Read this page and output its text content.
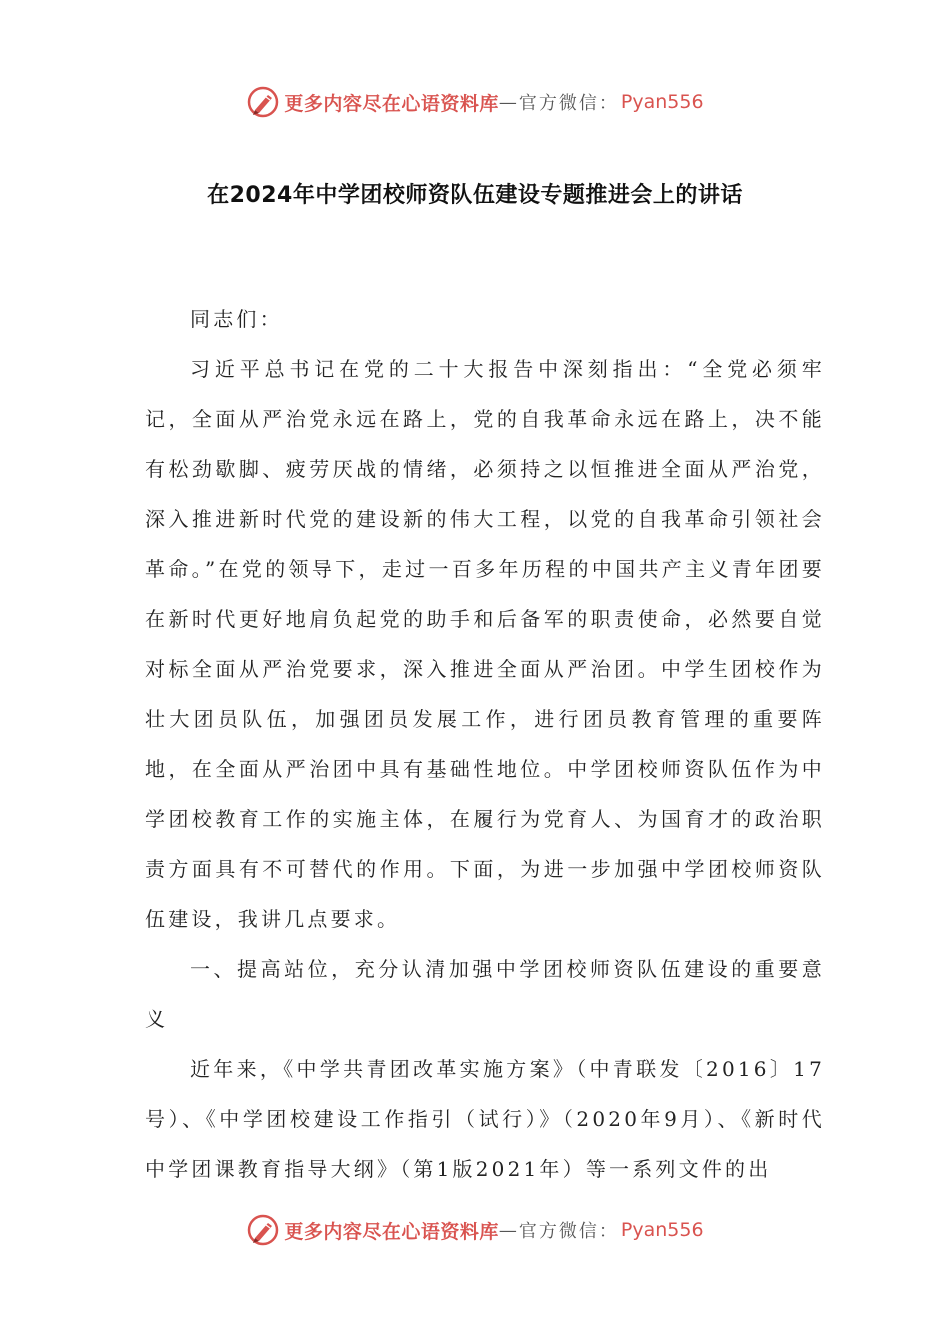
更多内容尽在心语资料库 — 官方微信： Pyan556
在2024年中学团校师资队伍建设专题推进会上的讲话

同志们：

习近平总书记在党的二十大报告中深刻指出：“全党必须牢记，全面从严治党永远在路上，党的自我革命永远在路上，决不能有松劲歇脚、疲劳厌战的情绪，必须持之以恒推进全面从严治党，深入推进新时代党的建设新的伟大工程，以党的自我革命引领社会革命。”在党的领导下，走过一百多年历程的中国共产主义青年团要在新时代更好地肩负起党的助手和后备军的职责使命，必然要自觉对标全面从严治党要求，深入推进全面从严治团。中学生团校作为壮大团员队伍，加强团员发展工作，进行团员教育管理的重要阵地，在全面从严治团中具有基础性地位。中学团校师资队伍作为中学团校教育工作的实施主体，在履行为党育人、为国育才的政治职责方面具有不可替代的作用。下面，为进一步加强中学团校师资队伍建设，我讲几点要求。

一、提高站位，充分认清加强中学团校师资队伍建设的重要意义

近年来，《中学共青团改革实施方案》（中青联发〔2016〕17号）、《中学团校建设工作指引（试行）》（2020年9月）、《新时代中学团课教育指导大纲》（第1版2021年）等一系列文件的出

更多内容尽在心语资料库 — 官方微信： Pyan556
